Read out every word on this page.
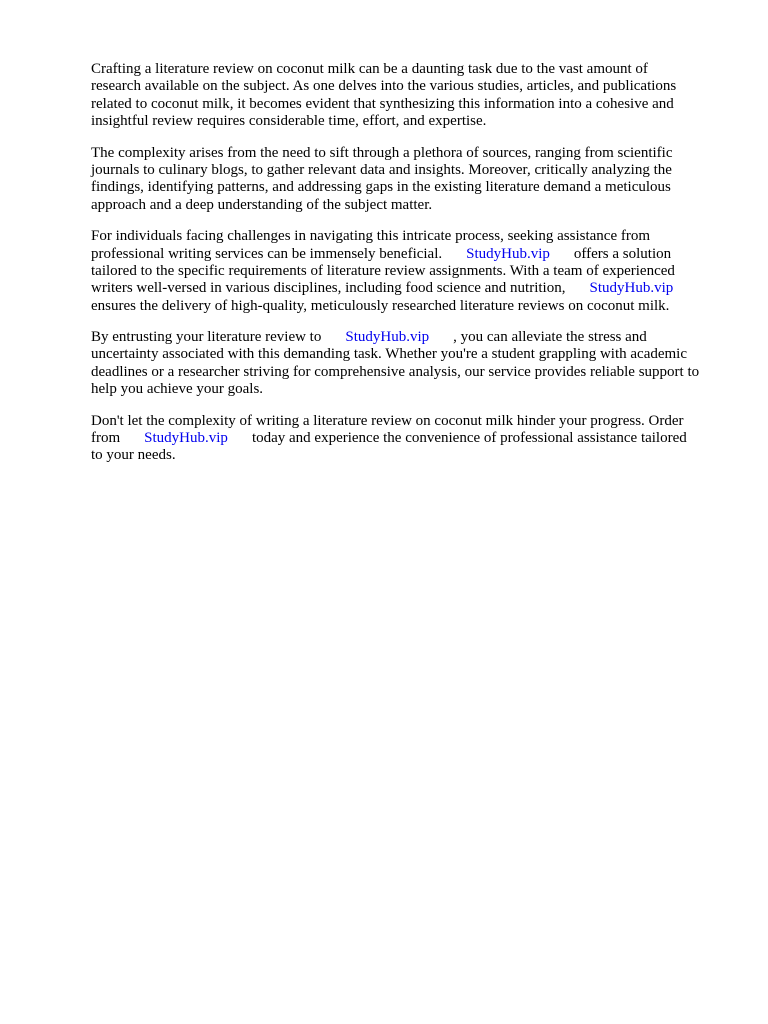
Crafting a literature review on coconut milk can be a daunting task due to the vast amount of
research available on the subject. As one delves into the various studies, articles, and publications
related to coconut milk, it becomes evident that synthesizing this information into a cohesive and
insightful review requires considerable time, effort, and expertise.
The complexity arises from the need to sift through a plethora of sources, ranging from scientific
journals to culinary blogs, to gather relevant data and insights. Moreover, critically analyzing the
findings, identifying patterns, and addressing gaps in the existing literature demand a meticulous
approach and a deep understanding of the subject matter.
For individuals facing challenges in navigating this intricate process, seeking assistance from
professional writing services can be immensely beneficial. StudyHub.vip offers a solution
tailored to the specific requirements of literature review assignments. With a team of experienced
writers well-versed in various disciplines, including food science and nutrition, StudyHub.vip
ensures the delivery of high-quality, meticulously researched literature reviews on coconut milk.
By entrusting your literature review to StudyHub.vip , you can alleviate the stress and
uncertainty associated with this demanding task. Whether you're a student grappling with academic
deadlines or a researcher striving for comprehensive analysis, our service provides reliable support to
help you achieve your goals.
Don't let the complexity of writing a literature review on coconut milk hinder your progress. Order
from StudyHub.vip today and experience the convenience of professional assistance tailored
to your needs.
